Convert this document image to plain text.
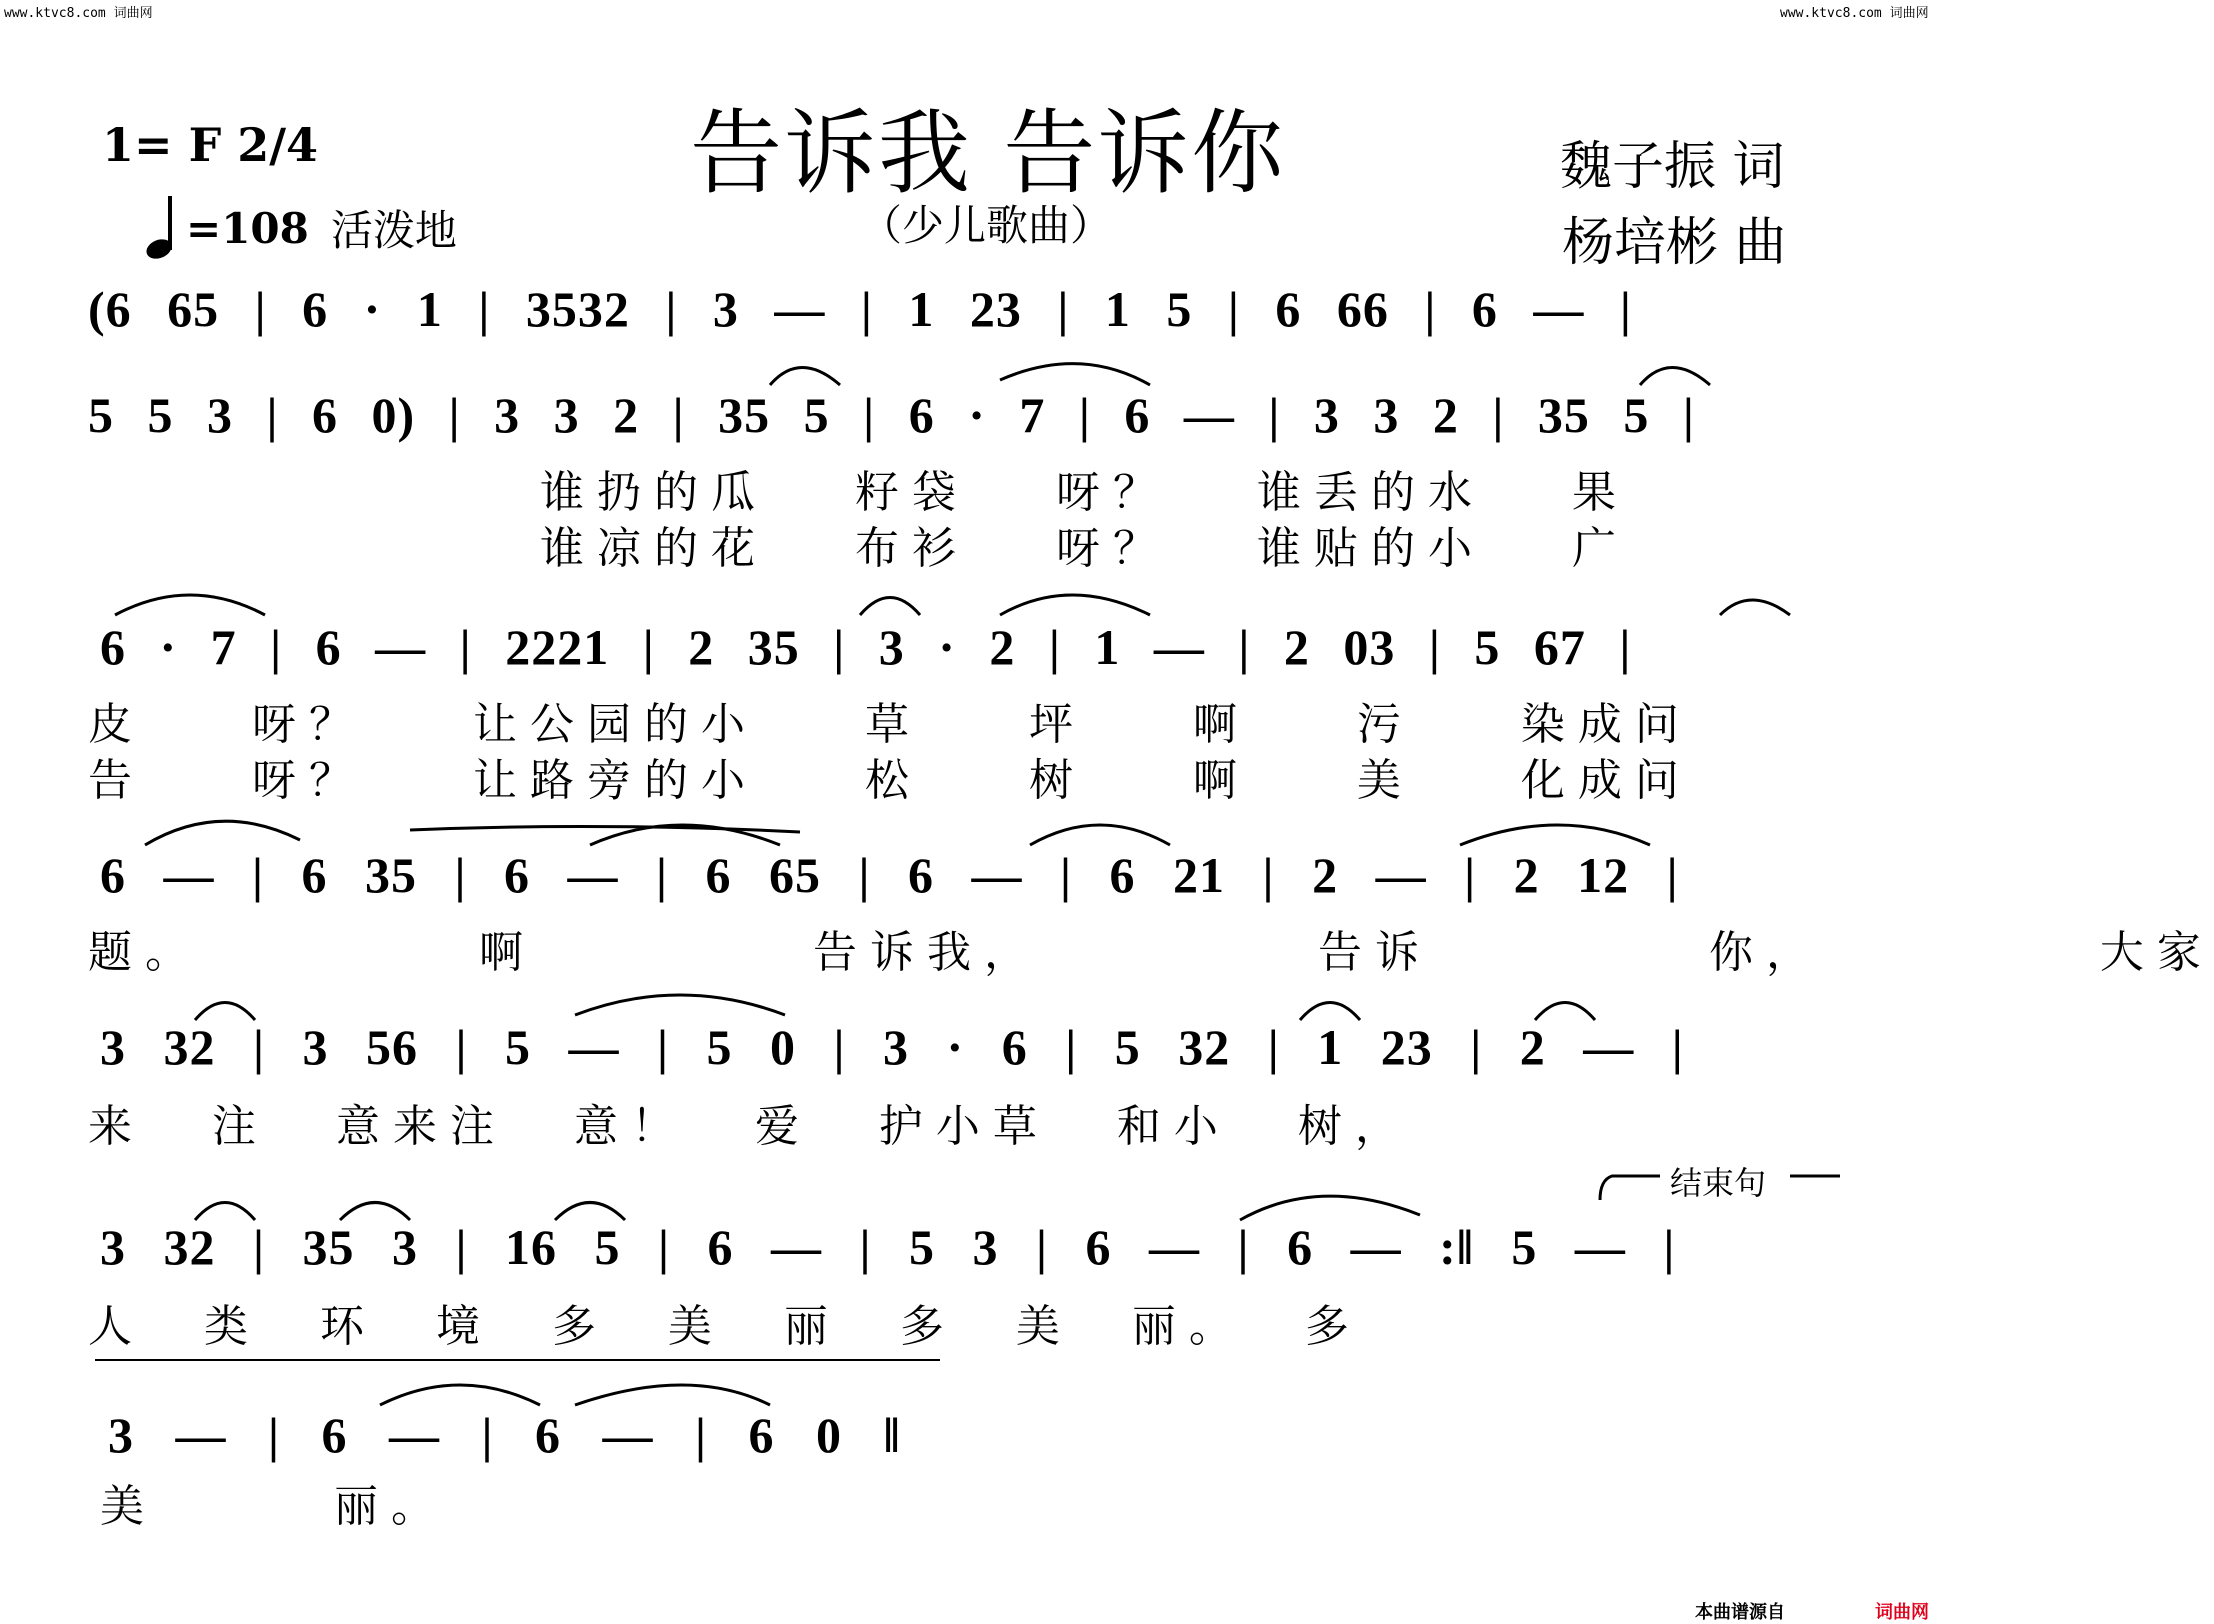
www.ktvc8.com 词曲网	www.ktvc8.com 词曲网
告诉我 告诉你
（少儿歌曲）
1= F 2/4
=108 活泼地
魏子振 词
杨培彬 曲
(6 65 | 6 · 1 | 3532 | 3 — | 1 23 | 1 5 | 6 66 | 6 — |
5 5 3 | 6 0) | 3 3 2 | 35 5 | 6 · 7 | 6 — | 3 3 2 | 35 5 |
谁扔的瓜 籽袋 呀？ 谁丢的水 果
谁凉的花 布衫 呀？ 谁贴的小 广
6 · 7 | 6 — | 2221 | 2 35 | 3 · 2 | 1 — | 2 03 | 5 67 |
皮 呀？ 让公园的小 草 坪 啊 污 染成问
告 呀？ 让路旁的小 松 树 啊 美 化成问
6 — | 6 35 | 6 — | 6 65 | 6 — | 6 21 | 2 — | 2 12 |
题。 啊 告诉我， 告诉 你， 大家
3 32 | 3 56 | 5 — | 5 0 | 3 · 6 | 5 32 | 1 23 | 2 — |
来 注 意来注 意！ 爱 护小草 和小 树，
3 32 | 35 3 | 16 5 | 6 — | 5 3 | 6 — | 6 — :‖ 5 — |
人 类 环 境 多 美 丽 多 美 丽。 多
结束句
3 — | 6 — | 6 — | 6 0 ‖
美 丽。
本曲谱源自	词曲网
